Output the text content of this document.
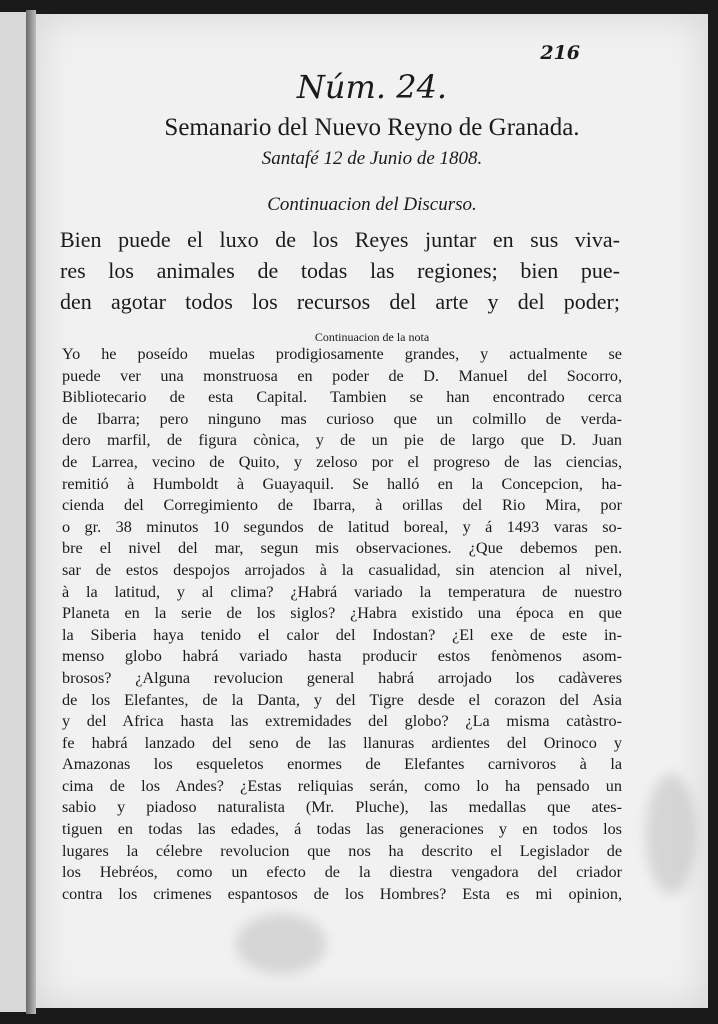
216
Núm. 24.
Semanario del Nuevo Reyno de Granada.
Santafé 12 de Junio de 1808.
Continuacion del Discurso.
Bien puede el luxo de los Reyes juntar en sus viva-
res los animales de todas las regiones; bien pue-
den agotar todos los recursos del arte y del poder;
Continuacion de la nota
Yo he poseído muelas prodigiosamente grandes, y actualmente se
puede ver una monstruosa en poder de D. Manuel del Socorro,
Bibliotecario de esta Capital. Tambien se han encontrado cerca
de Ibarra; pero ninguno mas curioso que un colmillo de verda-
dero marfil, de figura cònica, y de un pie de largo que D. Juan
de Larrea, vecino de Quito, y zeloso por el progreso de las ciencias,
remitió à Humboldt à Guayaquil. Se halló en la Concepcion, ha-
cienda del Corregimiento de Ibarra, à orillas del Rio Mira, por
o gr. 38 minutos 10 segundos de latitud boreal, y á 1493 varas so-
bre el nivel del mar, segun mis observaciones. ¿Que debemos pen.
sar de estos despojos arrojados à la casualidad, sin atencion al nivel,
à la latitud, y al clima? ¿Habrá variado la temperatura de nuestro
Planeta en la serie de los siglos? ¿Habra existido una época en que
la Siberia haya tenido el calor del Indostan? ¿El exe de este in-
menso globo habrá variado hasta producir estos fenòmenos asom-
brosos? ¿Alguna revolucion general habrá arrojado los cadàveres
de los Elefantes, de la Danta, y del Tigre desde el corazon del Asia
y del Africa hasta las extremidades del globo? ¿La misma catàstro-
fe habrá lanzado del seno de las llanuras ardientes del Orinoco y
Amazonas los esqueletos enormes de Elefantes carnivoros à la
cima de los Andes? ¿Estas reliquias serán, como lo ha pensado un
sabio y piadoso naturalista (Mr. Pluche), las medallas que ates-
tiguen en todas las edades, á todas las generaciones y en todos los
lugares la célebre revolucion que nos ha descrito el Legislador de
los Hebréos, como un efecto de la diestra vengadora del criador
contra los crimenes espantosos de los Hombres? Esta es mi opinion,
